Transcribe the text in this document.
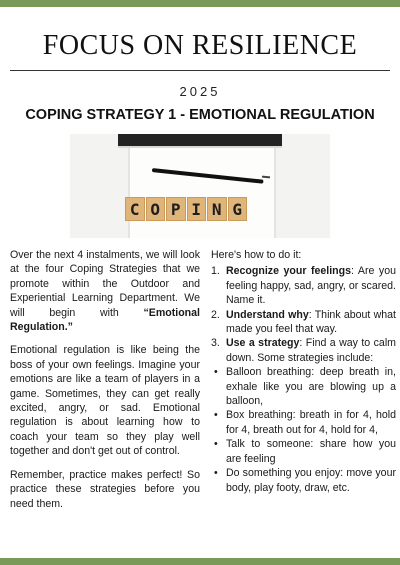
FOCUS ON RESILIENCE
2025
COPING STRATEGY 1 - EMOTIONAL REGULATION
C O P I N G

Over the next 4 instalments, we will look at the four Coping Strategies that we promote within the Outdoor and Experiential Learning Department. We will begin with “Emotional Regulation.”

Emotional regulation is like being the boss of your own feelings. Imagine your emotions are like a team of players in a game. Sometimes, they can get really excited, angry, or sad. Emotional regulation is about learning how to coach your team so they play well together and don't get out of control.

Remember, practice makes perfect! So practice these strategies before you need them.

Here's how to do it:

1. Recognize your feelings: Are you feeling happy, sad, angry, or scared. Name it.
2. Understand why: Think about what made you feel that way.
3. Use a strategy: Find a way to calm down. Some strategies include:
• Balloon breathing: deep breath in, exhale like you are blowing up a balloon,
• Box breathing: breath in for 4, hold for 4, breath out for 4, hold for 4,
• Talk to someone: share how you are feeling
• Do something you enjoy: move your body, play footy, draw, etc.
